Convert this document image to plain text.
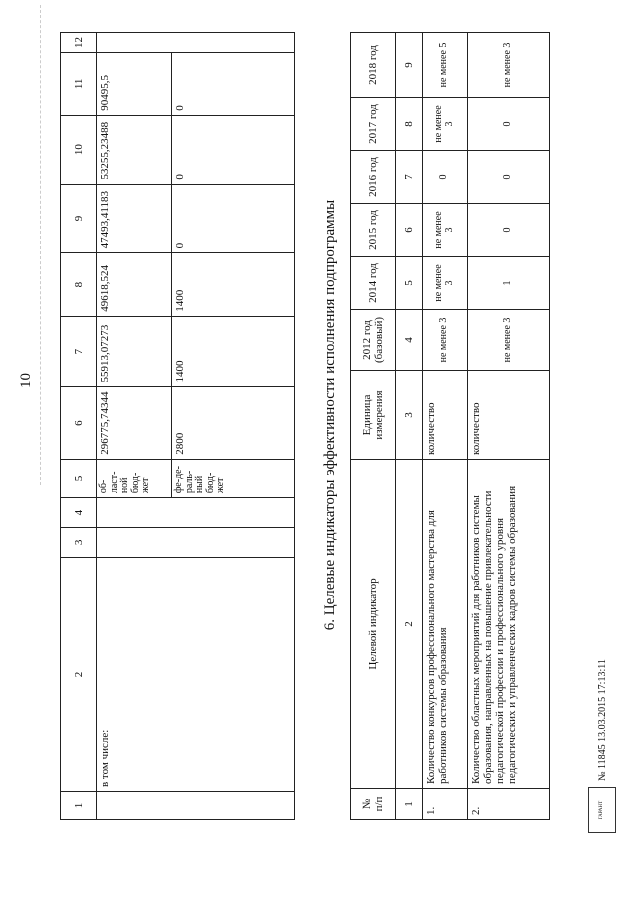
10
1	2	3	4	5	6	7	8	9	10	11	12
	в том числе:			об-ласт-ной бюд-жет	296775,74344	55913,07273	49618,524	47493,41183	53255,23488	90495,5	
				фе-де-раль-ный бюд-жет	2800	1400	1400	0	0	0	
6. Целевые индикаторы эффективности исполнения подпрограммы
№ п/п	Целевой индикатор	Единица измерения	2012 год (базовый)	2014 год	2015 год	2016 год	2017 год	2018 год
1	2	3	4	5	6	7	8	9
1.	Количество конкурсов профессионального мастерства для работников системы образования	количество	не менее 3	не менее 3	не менее 3	0	не менее 3	не менее 5
2.	Количество областных мероприятий для работников системы образования, направленных на повышение привлекательности педагогической профессии и профессионального уровня педагогических и управленческих кадров системы образования	количество	не менее 3	1	0	0	0	не менее 3
ГАРАНТ
№ 11845 13.03.2015 17:13:11
